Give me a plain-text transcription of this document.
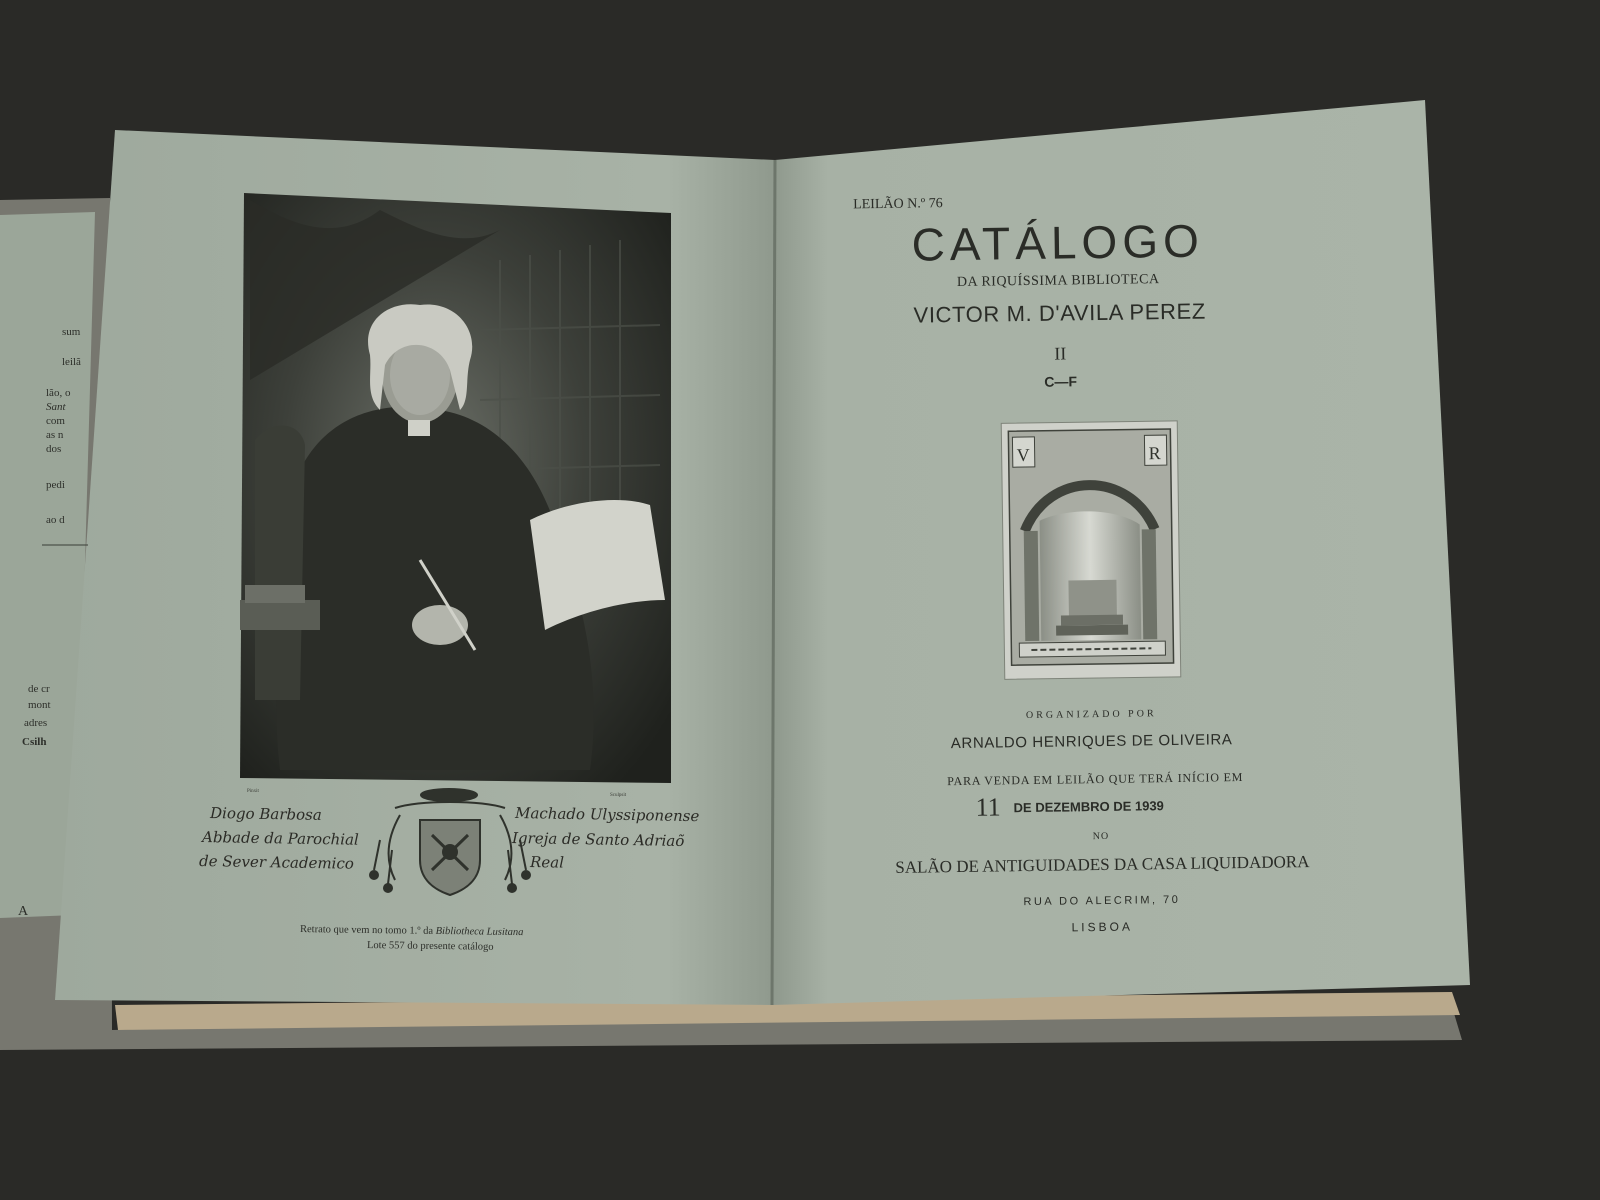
sum
leilã
lão, o
Sant
com
as n
dos
pedi
ao d
de cr
mont
adres
Csilh
A
Pinxit
Sculpsit
Diogo Barbosa
Abbade da Parochial
de Sever Academico
Machado Ulyssiponense
Igreja de Santo Adriaõ
Real
Retrato que vem no tomo 1.º da Bibliotheca Lusitana
Lote 557 do presente catálogo
LEILÃO N.º 76
CATÁLOGO
DA RIQUÍSSIMA BIBLIOTECA
VICTOR M. D'AVILA PEREZ
II
C—F
V	R
ORGANIZADO POR
ARNALDO HENRIQUES DE OLIVEIRA
PARA VENDA EM LEILÃO QUE TERÁ INÍCIO EM
11 DE DEZEMBRO DE 1939
NO
SALÃO DE ANTIGUIDADES DA CASA LIQUIDADORA
RUA DO ALECRIM, 70
LISBOA
